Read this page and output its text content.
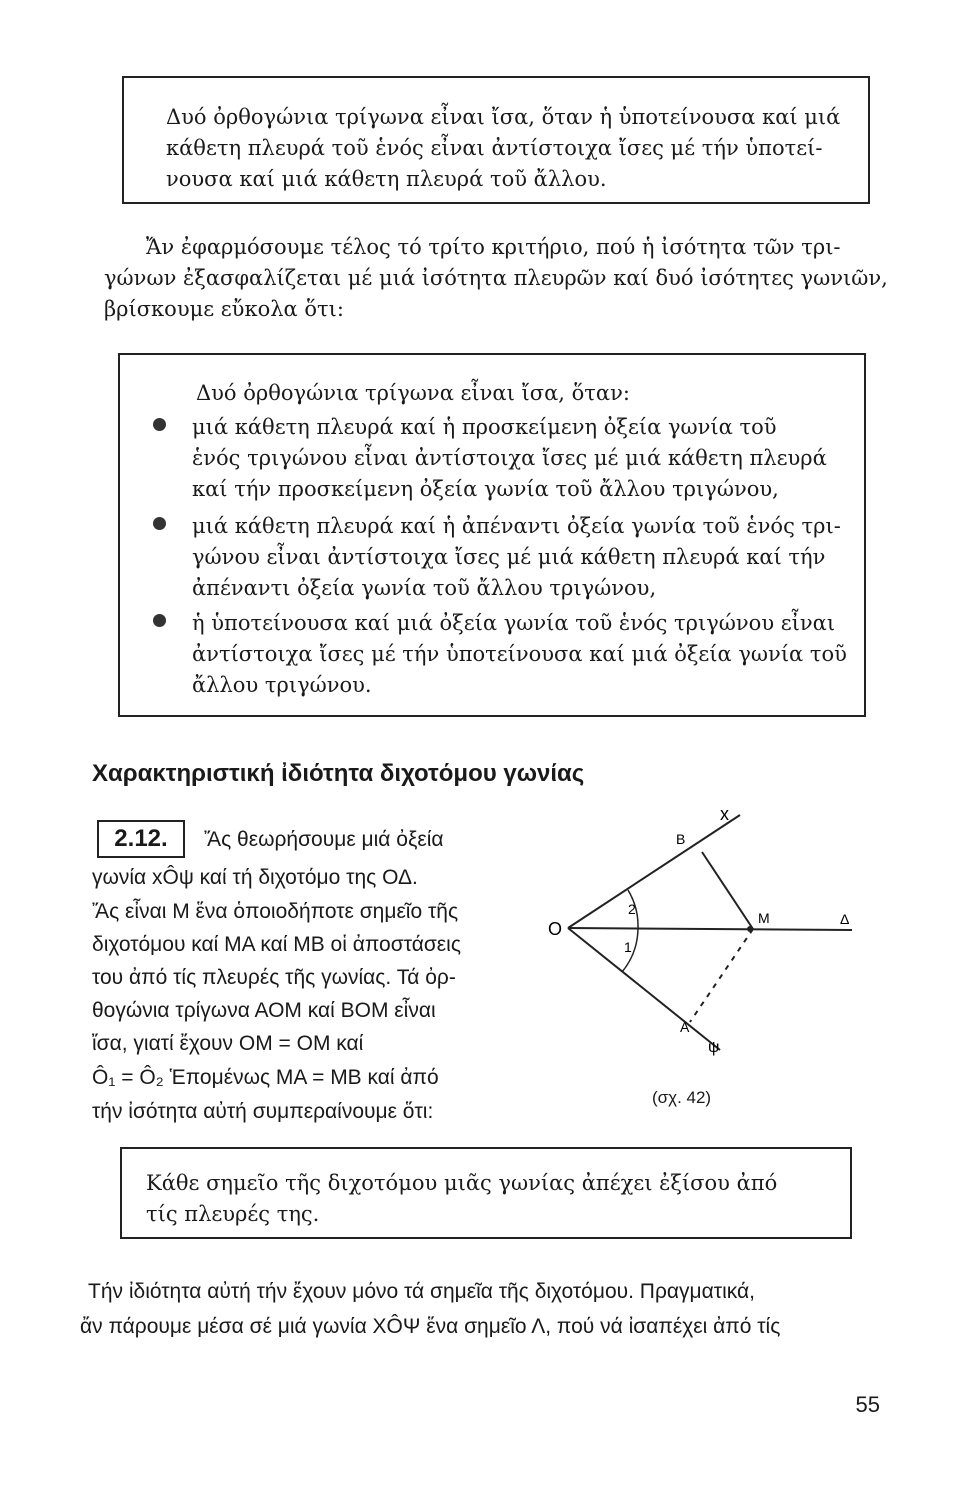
Δυό ὀρθογώνια τρίγωνα εἶναι ἴσα, ὅταν ἡ ὑποτείνουσα καί μιά

κάθετη πλευρά τοῦ ἑνός εἶναι ἀντίστοιχα ἴσες μέ τήν ὑποτεί-

νουσα καί μιά κάθετη πλευρά τοῦ ἄλλου.

Ἄν ἐφαρμόσουμε τέλος τό τρίτο κριτήριο, πού ἡ ἰσότητα τῶν τρι-

γώνων ἐξασφαλίζεται μέ μιά ἰσότητα πλευρῶν καί δυό ἰσότητες γωνιῶν,

βρίσκουμε εὔκολα ὅτι:

Δυό ὀρθογώνια τρίγωνα εἶναι ἴσα, ὅταν:

μιά κάθετη πλευρά καί ἡ προσκείμενη ὀξεία γωνία τοῦ

ἑνός τριγώνου εἶναι ἀντίστοιχα ἴσες μέ μιά κάθετη πλευρά

καί τήν προσκείμενη ὀξεία γωνία τοῦ ἄλλου τριγώνου,

μιά κάθετη πλευρά καί ἡ ἀπέναντι ὀξεία γωνία τοῦ ἑνός τρι-

γώνου εἶναι ἀντίστοιχα ἴσες μέ μιά κάθετη πλευρά καί τήν

ἀπέναντι ὀξεία γωνία τοῦ ἄλλου τριγώνου,

ἡ ὑποτείνουσα καί μιά ὀξεία γωνία τοῦ ἑνός τριγώνου εἶναι

ἀντίστοιχα ἴσες μέ τήν ὑποτείνουσα καί μιά ὀξεία γωνία τοῦ

ἄλλου τριγώνου.

Χαρακτηριστική ἰδιότητα διχοτόμου γωνίας
2.12.	Ἄς θεωρήσουμε μιά ὀξεία

γωνία xÔψ καί τή διχοτόμο της ΟΔ.

Ἄς εἶναι Μ ἕνα ὁποιοδήποτε σημεῖο τῆς

διχοτόμου καί ΜΑ καί ΜΒ οἱ ἀποστάσεις

του ἀπό τίς πλευρές τῆς γωνίας. Τά ὀρ-

θογώνια τρίγωνα ΑΟΜ καί ΒΟΜ εἶναι

ἴσα, γιατί ἔχουν ΟΜ = ΟΜ καί

Ô₁ = Ô₂ Ἑπομένως ΜΑ = ΜΒ καί ἀπό

τήν ἰσότητα αὐτή συμπεραίνουμε ὅτι:

Ο
x
Β
Μ	Δ
Α
ψ
2
1
(σχ. 42)

Κάθε σημεῖο τῆς διχοτόμου μιᾶς γωνίας ἀπέχει ἐξίσου ἀπό

τίς πλευρές της.

Τήν ἰδιότητα αὐτή τήν ἔχουν μόνο τά σημεῖα τῆς διχοτόμου. Πραγματικά,

ἄν πάρουμε μέσα σέ μιά γωνία ΧÔΨ ἕνα σημεῖο Λ, πού νά ἰσαπέχει ἀπό τίς

55
